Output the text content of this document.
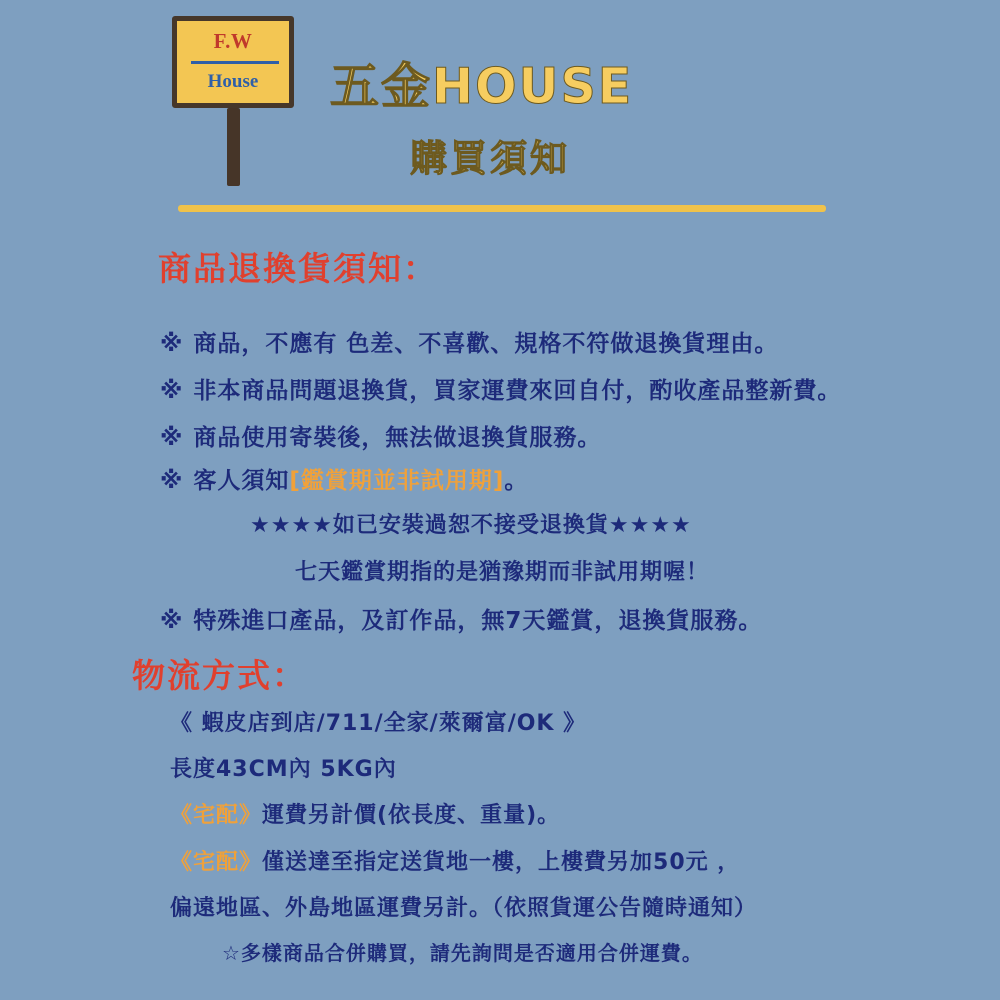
F.W
House	五金HOUSE
購買須知
商品退換貨須知：
※ 商品，不應有 色差、不喜歡、規格不符做退換貨理由。
※ 非本商品問題退換貨，買家運費來回自付，酌收產品整新費。
※ 商品使用寄裝後，無法做退換貨服務。
※ 客人須知[鑑賞期並非試用期]。
★★★★如已安裝過恕不接受退換貨★★★★
七天鑑賞期指的是猶豫期而非試用期喔！
※ 特殊進口產品，及訂作品，無7天鑑賞，退換貨服務。
物流方式：
《 蝦皮店到店/711/全家/萊爾富/OK 》
長度43CM內 5KG內
《宅配》運費另計價(依長度、重量)。
《宅配》僅送達至指定送貨地一樓，上樓費另加50元 ，
偏遠地區、外島地區運費另計。（依照貨運公告隨時通知）
☆多樣商品合併購買，請先詢問是否適用合併運費。
